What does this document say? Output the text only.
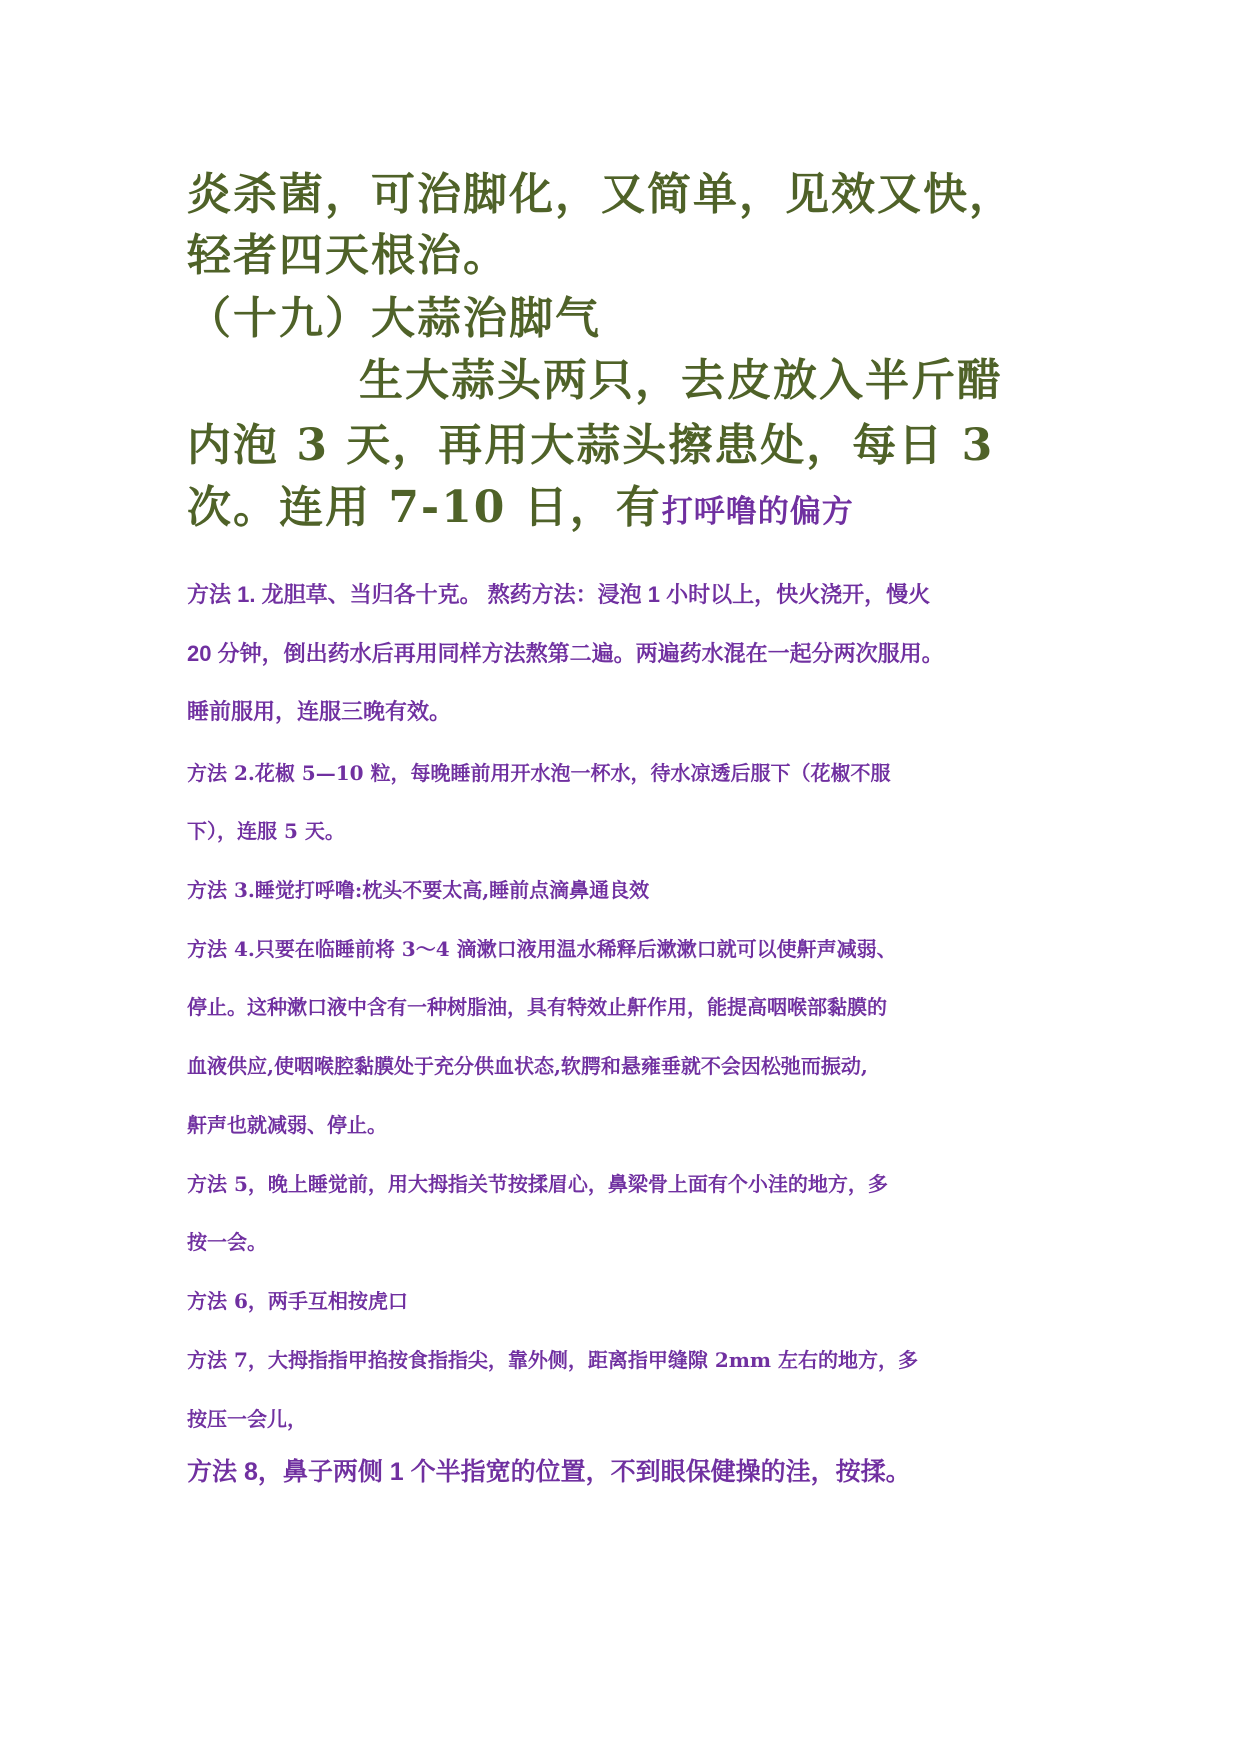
炎杀菌，可治脚化，又简单，见效又快，
轻者四天根治。
（十九）大蒜治脚气
生大蒜头两只，去皮放入半斤醋
内泡 3 天，再用大蒜头擦患处，每日 3
次。连用 7-10 日，有打呼噜的偏方
方法 1. 龙胆草、当归各十克。 熬药方法：浸泡 1 小时以上，快火浇开，慢火
20 分钟，倒出药水后再用同样方法熬第二遍。两遍药水混在一起分两次服用。
睡前服用，连服三晚有效。
方法 2.花椒 5—10 粒，每晚睡前用开水泡一杯水，待水凉透后服下（花椒不服
下），连服 5 天。
方法 3.睡觉打呼噜:枕头不要太高,睡前点滴鼻通良效
方法 4.只要在临睡前将 3～4 滴漱口液用温水稀释后漱漱口就可以使鼾声减弱、
停止。这种漱口液中含有一种树脂油，具有特效止鼾作用，能提高咽喉部黏膜的
血液供应,使咽喉腔黏膜处于充分供血状态,软腭和悬雍垂就不会因松弛而振动,
鼾声也就减弱、停止。
方法 5，晚上睡觉前，用大拇指关节按揉眉心，鼻梁骨上面有个小洼的地方，多
按一会。
方法 6，两手互相按虎口
方法 7，大拇指指甲掐按食指指尖，靠外侧，距离指甲缝隙 2mm 左右的地方，多
按压一会儿，
方法 8，鼻子两侧 1 个半指宽的位置，不到眼保健操的洼，按揉。
